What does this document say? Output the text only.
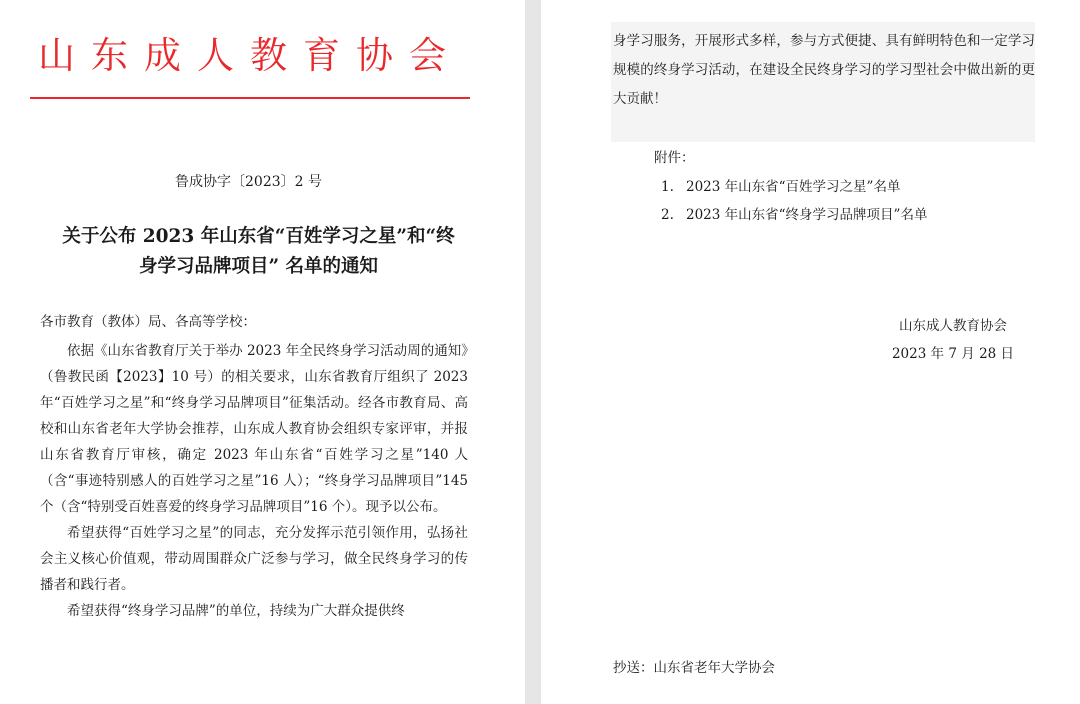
山东成人教育协会
鲁成协字〔2023〕2 号
关于公布 2023 年山东省“百姓学习之星”和“终
身学习品牌项目” 名单的通知
各市教育（教体）局、各高等学校：

依据《山东省教育厅关于举办 2023 年全民终身学习活动周的通知》（鲁教民函【2023】10 号）的相关要求，山东省教育厅组织了 2023 年“百姓学习之星”和“终身学习品牌项目”征集活动。经各市教育局、高校和山东省老年大学协会推荐，山东成人教育协会组织专家评审，并报山东省教育厅审核，确定 2023 年山东省“百姓学习之星”140 人（含“事迹特别感人的百姓学习之星”16 人）；“终身学习品牌项目”145 个（含“特别受百姓喜爱的终身学习品牌项目”16 个）。现予以公布。

希望获得“百姓学习之星”的同志，充分发挥示范引领作用，弘扬社会主义核心价值观，带动周围群众广泛参与学习，做全民终身学习的传播者和践行者。

希望获得“终身学习品牌”的单位，持续为广大群众提供终

身学习服务，开展形式多样，参与方式便捷、具有鲜明特色和一定学习规模的终身学习活动，在建设全民终身学习的学习型社会中做出新的更大贡献！

附件：
1. 2023 年山东省“百姓学习之星”名单
2. 2023 年山东省“终身学习品牌项目”名单
山东成人教育协会
2023 年 7 月 28 日
抄送：山东省老年大学协会
